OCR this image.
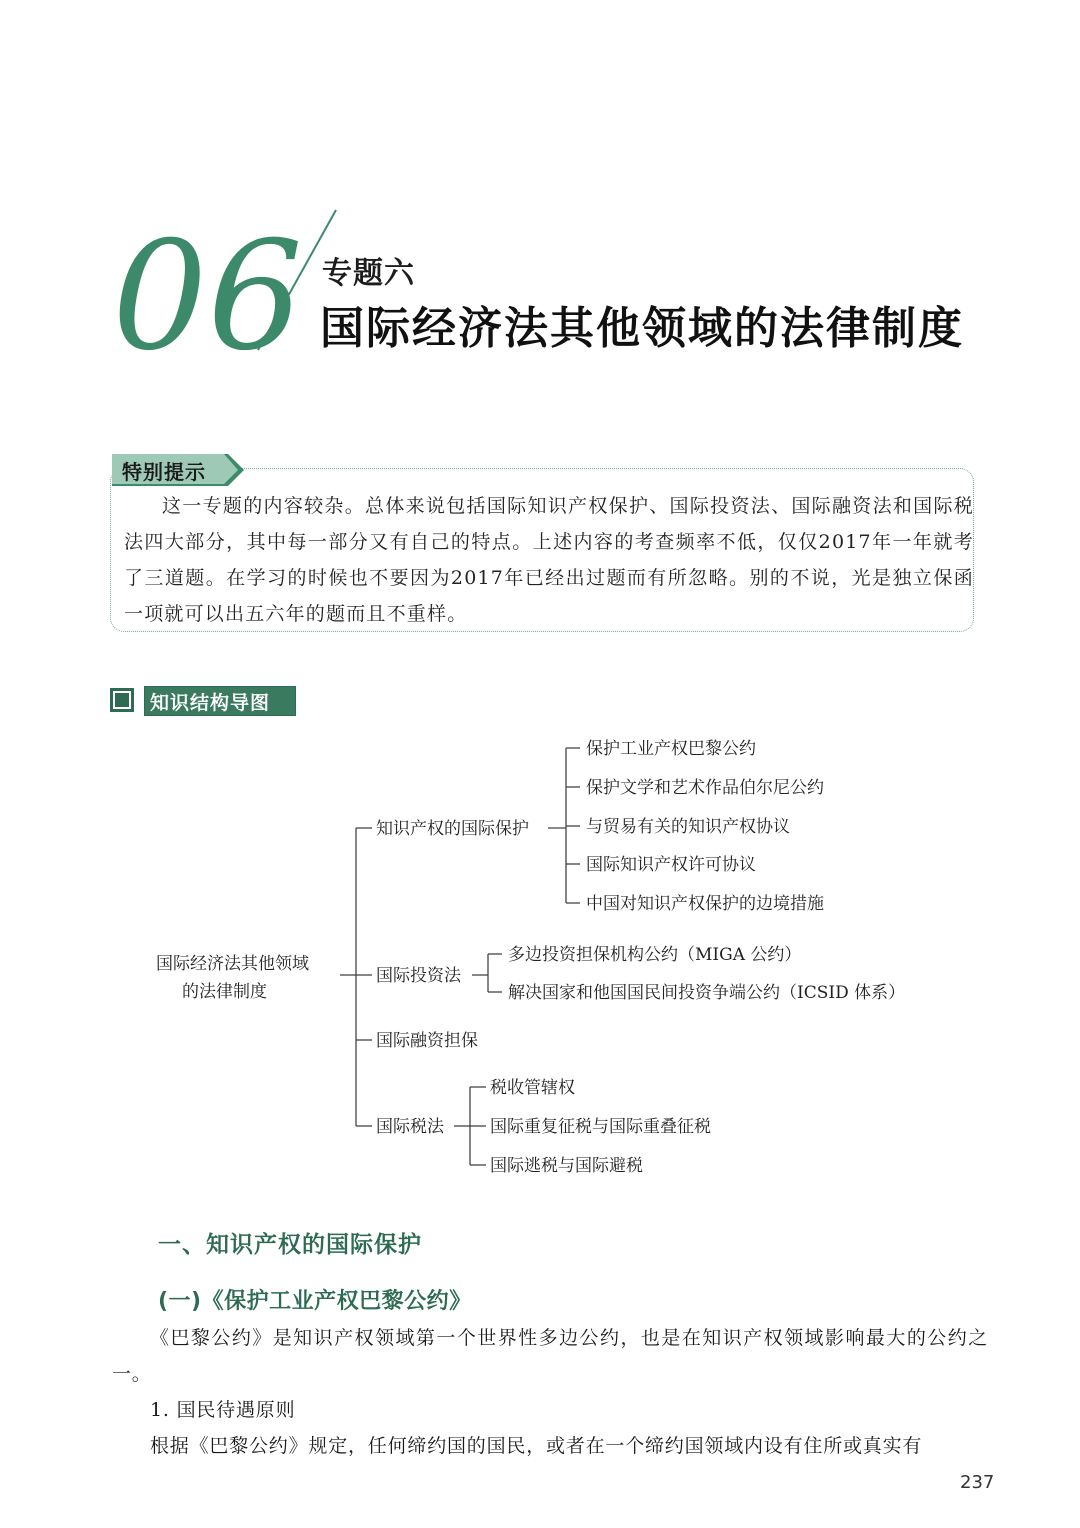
06 专题六
国际经济法其他领域的法律制度
特别提示

这一专题的内容较杂。总体来说包括国际知识产权保护、国际投资法、国际融资法和国际税法四大部分，其中每一部分又有自己的特点。上述内容的考查频率不低，仅仅2017年一年就考了三道题。在学习的时候也不要因为2017年已经出过题而有所忽略。别的不说，光是独立保函一项就可以出五六年的题而且不重样。

知识结构导图
国际经济法其他领域
的法律制度
知识产权的国际保护
保护工业产权巴黎公约
保护文学和艺术作品伯尔尼公约
与贸易有关的知识产权协议
国际知识产权许可协议
中国对知识产权保护的边境措施
国际投资法
多边投资担保机构公约（MIGA 公约）
解决国家和他国国民间投资争端公约（ICSID 体系）
国际融资担保
国际税法
税收管辖权
国际重复征税与国际重叠征税
国际逃税与国际避税
一、知识产权的国际保护
(一)《保护工业产权巴黎公约》

《巴黎公约》是知识产权领域第一个世界性多边公约，也是在知识产权领域影响最大的公约之一。

1. 国民待遇原则

根据《巴黎公约》规定，任何缔约国的国民，或者在一个缔约国领域内设有住所或真实有

237
